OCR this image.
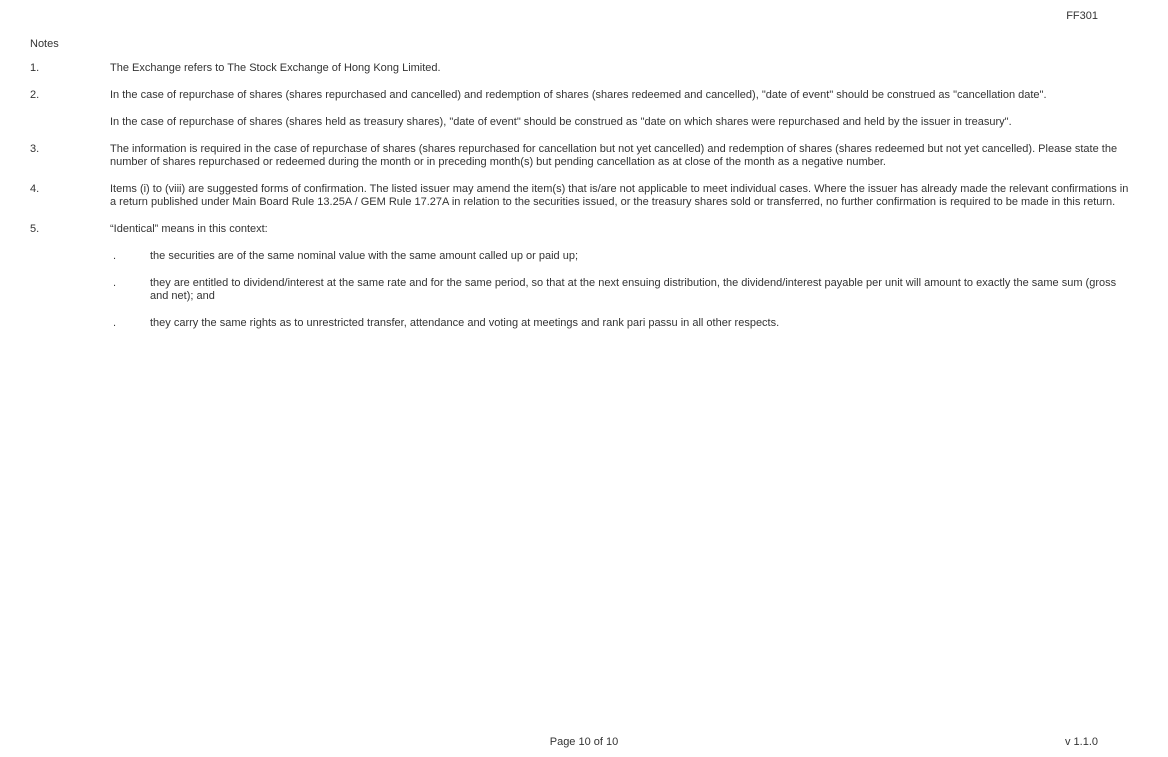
FF301
Notes
1.	The Exchange refers to The Stock Exchange of Hong Kong Limited.

2.	In the case of repurchase of shares (shares repurchased and cancelled) and redemption of shares (shares redeemed and cancelled), "date of event" should be construed as "cancellation date".

In the case of repurchase of shares (shares held as treasury shares), "date of event" should be construed as "date on which shares were repurchased and held by the issuer in treasury".

3.	The information is required in the case of repurchase of shares (shares repurchased for cancellation but not yet cancelled) and redemption of shares (shares redeemed but not yet cancelled). Please state the number of shares repurchased or redeemed during the month or in preceding month(s) but pending cancellation as at close of the month as a negative number.

4.	Items (i) to (viii) are suggested forms of confirmation. The listed issuer may amend the item(s) that is/are not applicable to meet individual cases. Where the issuer has already made the relevant confirmations in a return published under Main Board Rule 13.25A / GEM Rule 17.27A in relation to the securities issued, or the treasury shares sold or transferred, no further confirmation is required to be made in this return.

5.	“Identical” means in this context:

.	the securities are of the same nominal value with the same amount called up or paid up;

.	they are entitled to dividend/interest at the same rate and for the same period, so that at the next ensuing distribution, the dividend/interest payable per unit will amount to exactly the same sum (gross and net); and

.	they carry the same rights as to unrestricted transfer, attendance and voting at meetings and rank pari passu in all other respects.

Page 10 of 10	v 1.1.0
